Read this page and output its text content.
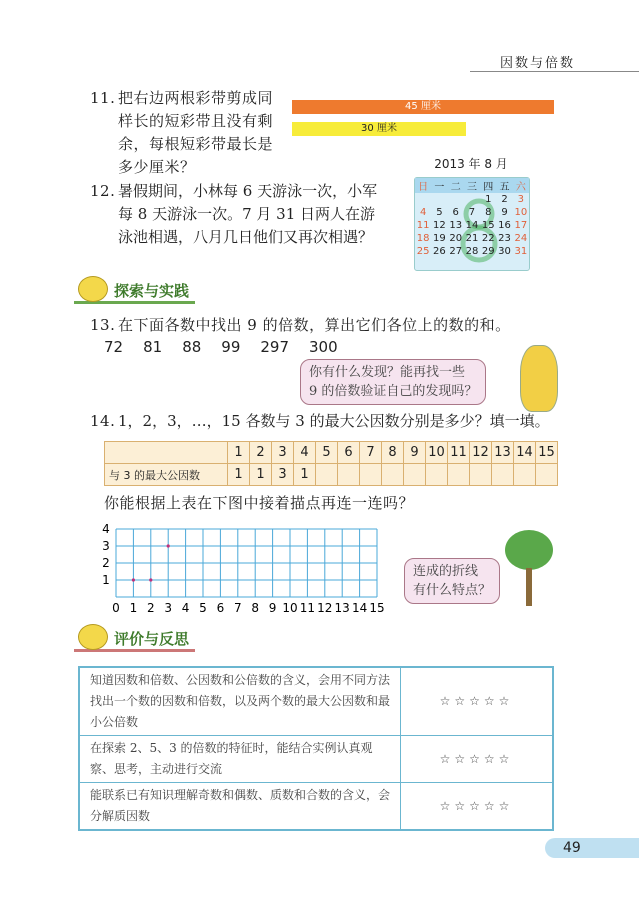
因数与倍数
11. 把右边两根彩带剪成同
样长的短彩带且没有剩
余，每根短彩带最长是
多少厘米？
45 厘米
30 厘米
12. 暑假期间，小林每 6 天游泳一次，小军
每 8 天游泳一次。7 月 31 日两人在游
泳池相遇，八月几日他们又再次相遇？
2013 年 8 月
日	一	二	三	四	五	六
				1	2	3
4	5	6	7	8	9	10
11	12	13	14	15	16	17
18	19	20	21	22	23	24
25	26	27	28	29	30	31
探索与实践
13. 在下面各数中找出 9 的倍数，算出它们各位上的数的和。
72 81 88 99 297 300
你有什么发现？能再找一些
9 的倍数验证自己的发现吗？
14. 1，2，3，…，15 各数与 3 的最大公因数分别是多少？填一填。
	1	2	3	4	5	6	7	8	9	10	11	12	13	14	15
与 3 的最大公因数	1	1	3	1											
你能根据上表在下图中接着描点再连一连吗？
0 1 2 3 4 5 6 7 8 9 10 11 12 13 14 15
1
2
3
4
连成的折线
有什么特点？
评价与反思
知道因数和倍数、公因数和公倍数的含义，会用不同方法找出一个数的因数和倍数，以及两个数的最大公因数和最小公倍数	☆☆☆☆☆
在探索 2、5、3 的倍数的特征时，能结合实例认真观察、思考，主动进行交流	☆☆☆☆☆
能联系已有知识理解奇数和偶数、质数和合数的含义，会分解质因数	☆☆☆☆☆
49
